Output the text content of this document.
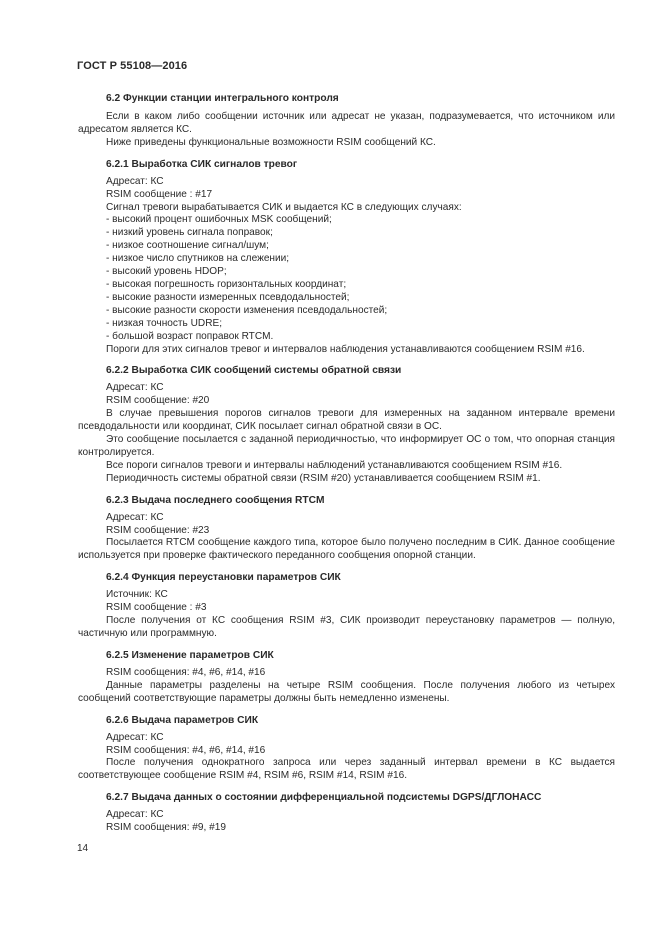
ГОСТ Р 55108—2016
6.2 Функции станции интегрального контроля

Если в каком либо сообщении источник или адресат не указан, подразумевается, что источником или адресатом является КС.

Ниже приведены функциональные возможности RSIM сообщений КС.

6.2.1 Выработка СИК сигналов тревог

Адресат: КС

RSIM сообщение : #17

Сигнал тревоги вырабатывается СИК и выдается КС в следующих случаях:

- высокий процент ошибочных MSK сообщений;

- низкий уровень сигнала поправок;

- низкое соотношение сигнал/шум;

- низкое число спутников на слежении;

- высокий уровень HDOP;

- высокая погрешность горизонтальных координат;

- высокие разности измеренных псевдодальностей;

- высокие разности скорости изменения псевдодальностей;

- низкая точность UDRE;

- большой возраст поправок RTCM.

Пороги для этих сигналов тревог и интервалов наблюдения устанавливаются сообщением RSIM #16.

6.2.2 Выработка СИК сообщений системы обратной связи

Адресат: КС

RSIM сообщение: #20

В случае превышения порогов сигналов тревоги для измеренных на заданном интервале времени псевдодальности или координат, СИК посылает сигнал обратной связи в ОС.

Это сообщение посылается с заданной периодичностью, что информирует ОС о том, что опорная станция контролируется.

Все пороги сигналов тревоги и интервалы наблюдений устанавливаются сообщением RSIM #16.

Периодичность системы обратной связи (RSIM #20) устанавливается сообщением RSIM #1.

6.2.3 Выдача последнего сообщения RTCM

Адресат: КС

RSIM сообщение: #23

Посылается RTCM сообщение каждого типа, которое было получено последним в СИК. Данное сообщение используется при проверке фактического переданного сообщения опорной станции.

6.2.4 Функция переустановки параметров СИК

Источник: КС

RSIM сообщение : #3

После получения от КС сообщения RSIM #3, СИК производит переустановку параметров — полную, частичную или программную.

6.2.5 Изменение параметров СИК

RSIM сообщения: #4, #6, #14, #16

Данные параметры разделены на четыре RSIM сообщения. После получения любого из четырех сообщений соответствующие параметры должны быть немедленно изменены.

6.2.6 Выдача параметров СИК

Адресат: КС

RSIM сообщения: #4, #6, #14, #16

После получения однократного запроса или через заданный интервал времени в КС выдается соответствующее сообщение RSIM #4, RSIM #6, RSIM #14, RSIM #16.

6.2.7 Выдача данных о состоянии дифференциальной подсистемы DGPS/ДГЛОНАСС

Адресат: КС

RSIM сообщения: #9, #19

14
